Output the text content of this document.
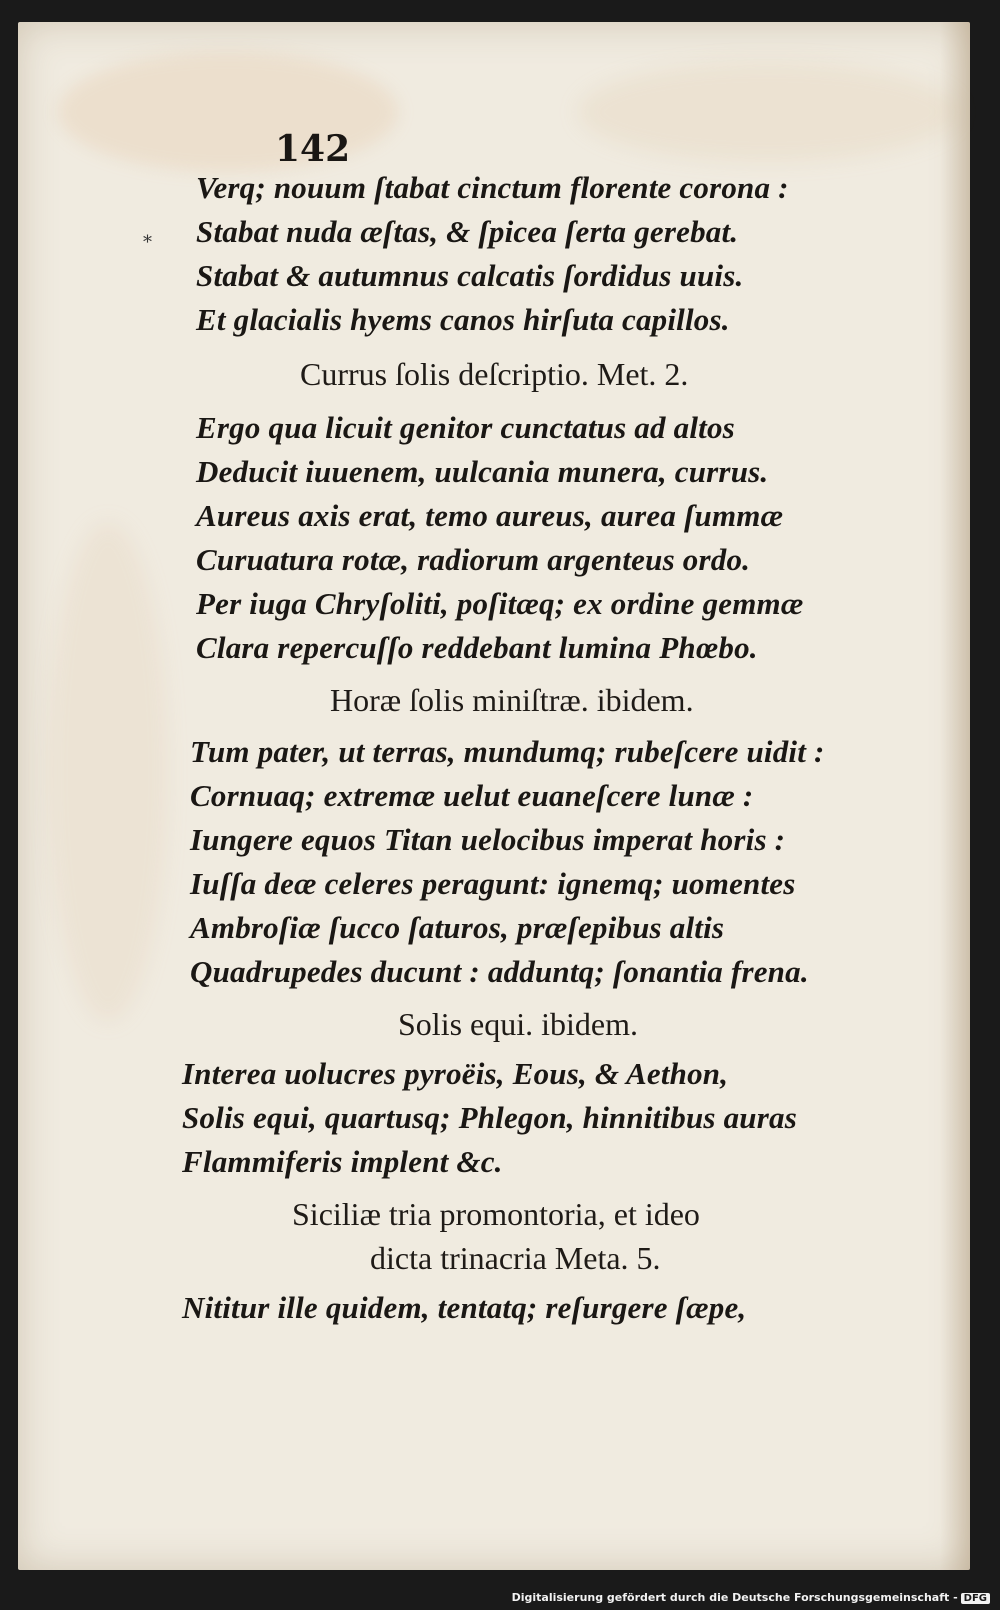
142
*
Verq; nouum ſtabat cinctum florente corona :
Stabat nuda æſtas, & ſpicea ſerta gerebat.
Stabat & autumnus calcatis ſordidus uuis.
Et glacialis hyems canos hirſuta capillos.
Currus ſolis deſcriptio. Met. 2.
Ergo qua licuit genitor cunctatus ad altos
Deducit iuuenem, uulcania munera, currus.
Aureus axis erat, temo aureus, aurea ſummæ
Curuatura rotæ, radiorum argenteus ordo.
Per iuga Chryſoliti, poſitæq; ex ordine gemmæ
Clara repercuſſo reddebant lumina Phœbo.
Horæ ſolis miniſtræ. ibidem.
Tum pater, ut terras, mundumq; rubeſcere uidit :
Cornuaq; extremæ uelut euaneſcere lunæ :
Iungere equos Titan uelocibus imperat horis :
Iuſſa deæ celeres peragunt: ignemq; uomentes
Ambroſiæ ſucco ſaturos, præſepibus altis
Quadrupedes ducunt : adduntq; ſonantia frena.
Solis equi. ibidem.
Interea uolucres pyroëis, Eous, & Aethon,
Solis equi, quartusq; Phlegon, hinnitibus auras
Flammiferis implent &c.
Siciliæ tria promontoria, et ideo
dicta trinacria Meta. 5.
Nititur ille quidem, tentatq; reſurgere ſæpe,
Digitalisierung gefördert durch die Deutsche Forschungsgemeinschaft - DFG
